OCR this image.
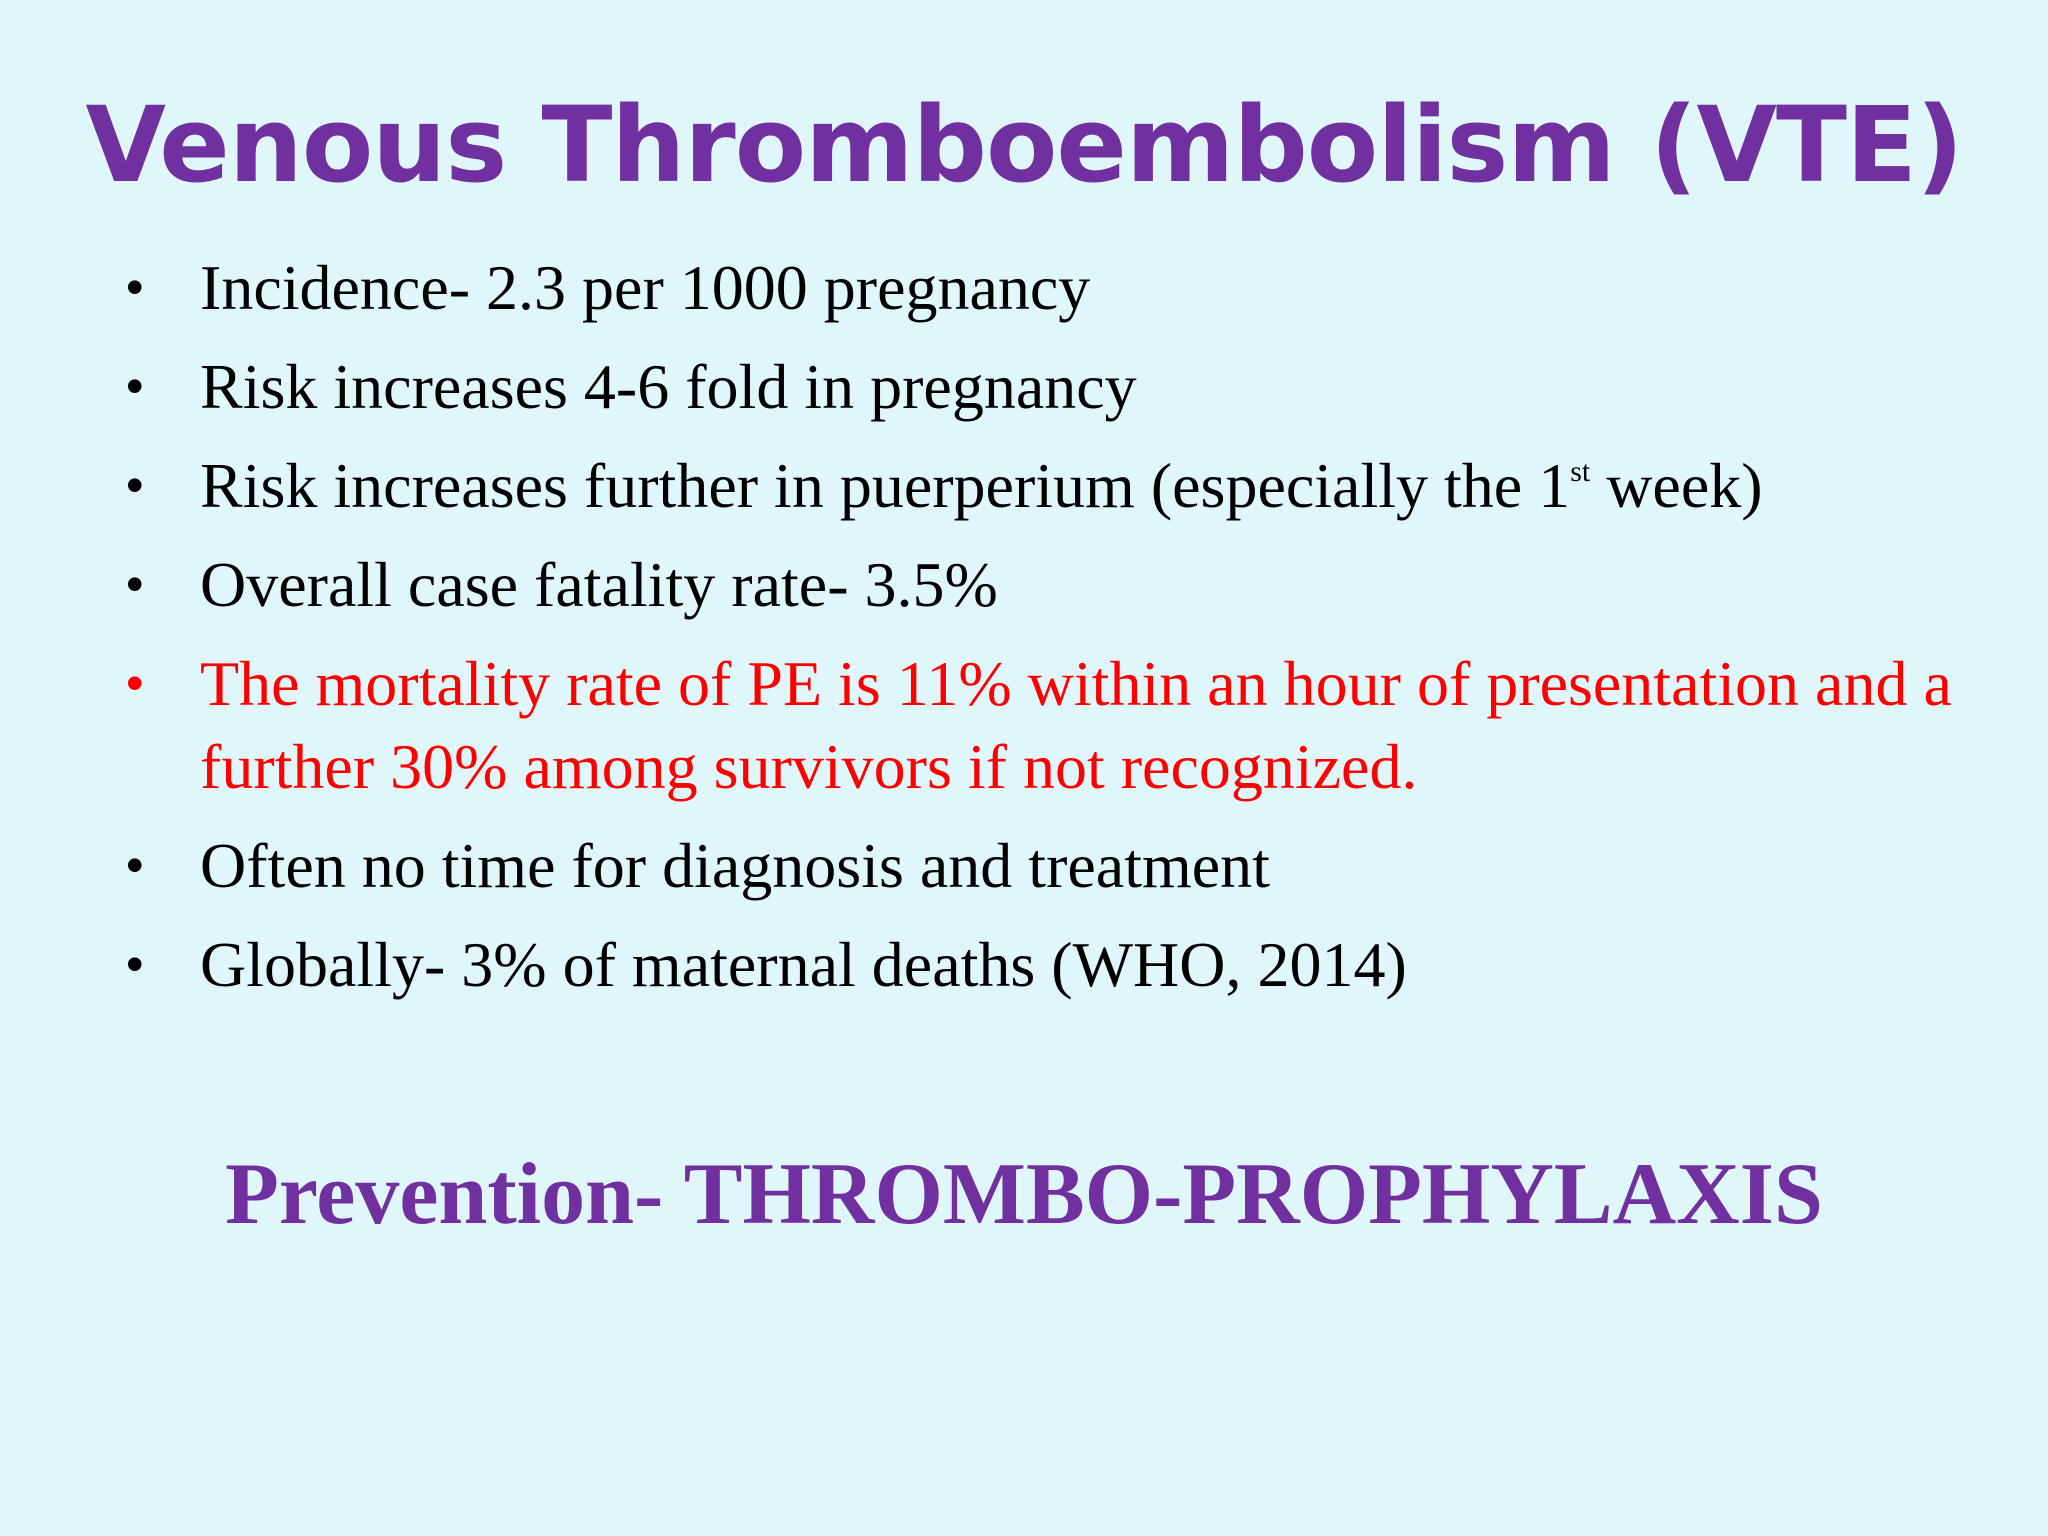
Venous Thromboembolism (VTE)
• Incidence- 2.3 per 1000 pregnancy
• Risk increases 4-6 fold in pregnancy
• Risk increases further in puerperium (especially the 1st week)
• Overall case fatality rate- 3.5%
• The mortality rate of PE is 11% within an hour of presentation and a further 30% among survivors if not recognized.
• Often no time for diagnosis and treatment
• Globally- 3% of maternal deaths (WHO, 2014)
Prevention- THROMBO-PROPHYLAXIS
